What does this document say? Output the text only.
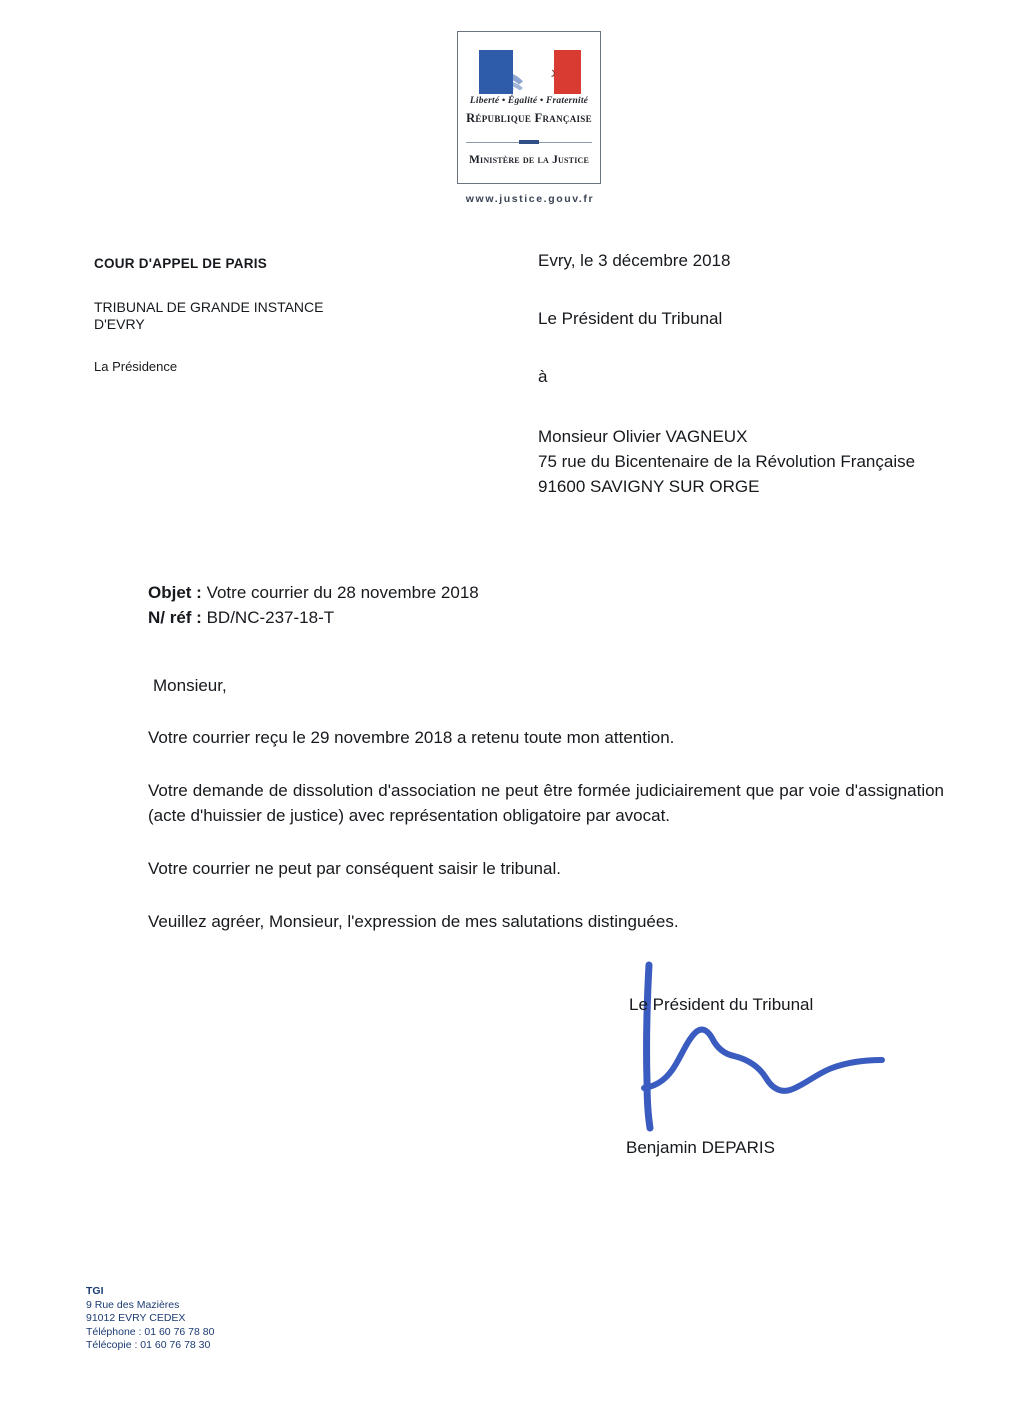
Liberté • Égalité • Fraternité
République Française
Ministère de la Justice
www.justice.gouv.fr
COUR D'APPEL DE PARIS
TRIBUNAL DE GRANDE INSTANCE
D'EVRY
La Présidence
Evry, le 3 décembre 2018
Le Président du Tribunal
à
Monsieur Olivier VAGNEUX
75 rue du Bicentenaire de la Révolution Française
91600 SAVIGNY SUR ORGE
Objet : Votre courrier du 28 novembre 2018
N/ réf : BD/NC-237-18-T
Monsieur,

Votre courrier reçu le 29 novembre 2018 a retenu toute mon attention.

Votre demande de dissolution d'association ne peut être formée judiciairement que par voie d'assignation (acte d'huissier de justice) avec représentation obligatoire par avocat.

Votre courrier ne peut par conséquent saisir le tribunal.

Veuillez agréer, Monsieur, l'expression de mes salutations distinguées.

Le Président du Tribunal
Benjamin DEPARIS
TGI
9 Rue des Mazières
91012 EVRY CEDEX
Téléphone : 01 60 76 78 80
Télécopie : 01 60 76 78 30
